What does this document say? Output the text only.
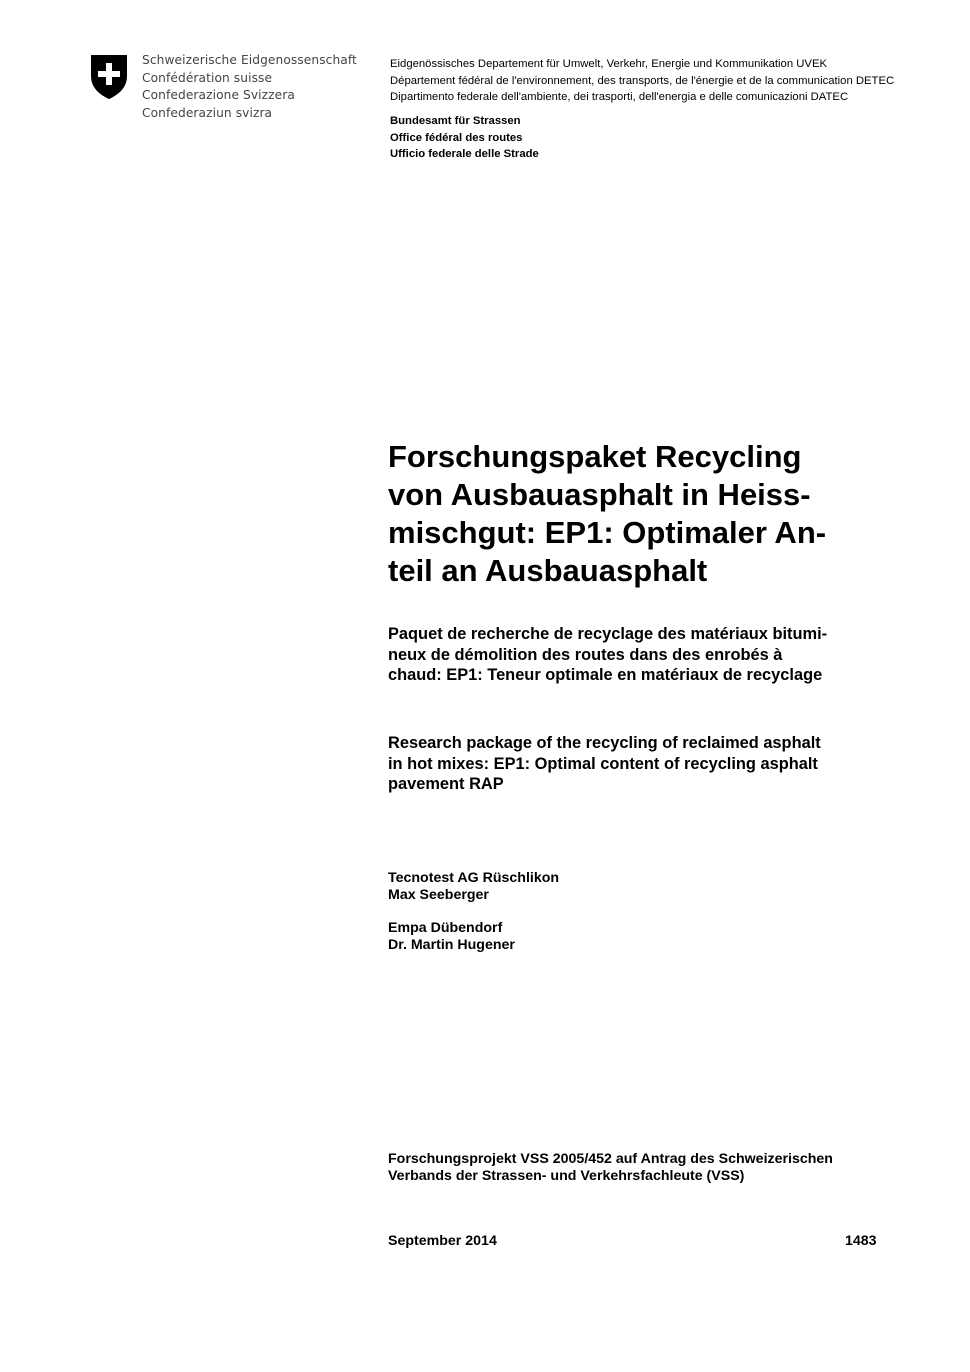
Schweizerische Eidgenossenschaft
Confédération suisse
Confederazione Svizzera
Confederaziun svizra
Eidgenössisches Departement für Umwelt, Verkehr, Energie und Kommunikation UVEK
Département fédéral de l'environnement, des transports, de l'énergie et de la communication DETEC
Dipartimento federale dell'ambiente, dei trasporti, dell'energia e delle comunicazioni DATEC
Bundesamt für Strassen
Office fédéral des routes
Ufficio federale delle Strade
Forschungspaket Recycling
von Ausbauasphalt in Heiss-
mischgut: EP1: Optimaler An-
teil an Ausbauasphalt
Paquet de recherche de recyclage des matériaux bitumi-
neux de démolition des routes dans des enrobés à
chaud: EP1: Teneur optimale en matériaux de recyclage
Research package of the recycling of reclaimed asphalt
in hot mixes: EP1: Optimal content of recycling asphalt
pavement RAP
Tecnotest AG Rüschlikon
Max Seeberger
Empa Dübendorf
Dr. Martin Hugener
Forschungsprojekt VSS 2005/452 auf Antrag des Schweizerischen
Verbands der Strassen- und Verkehrsfachleute (VSS)
September 2014	1483
